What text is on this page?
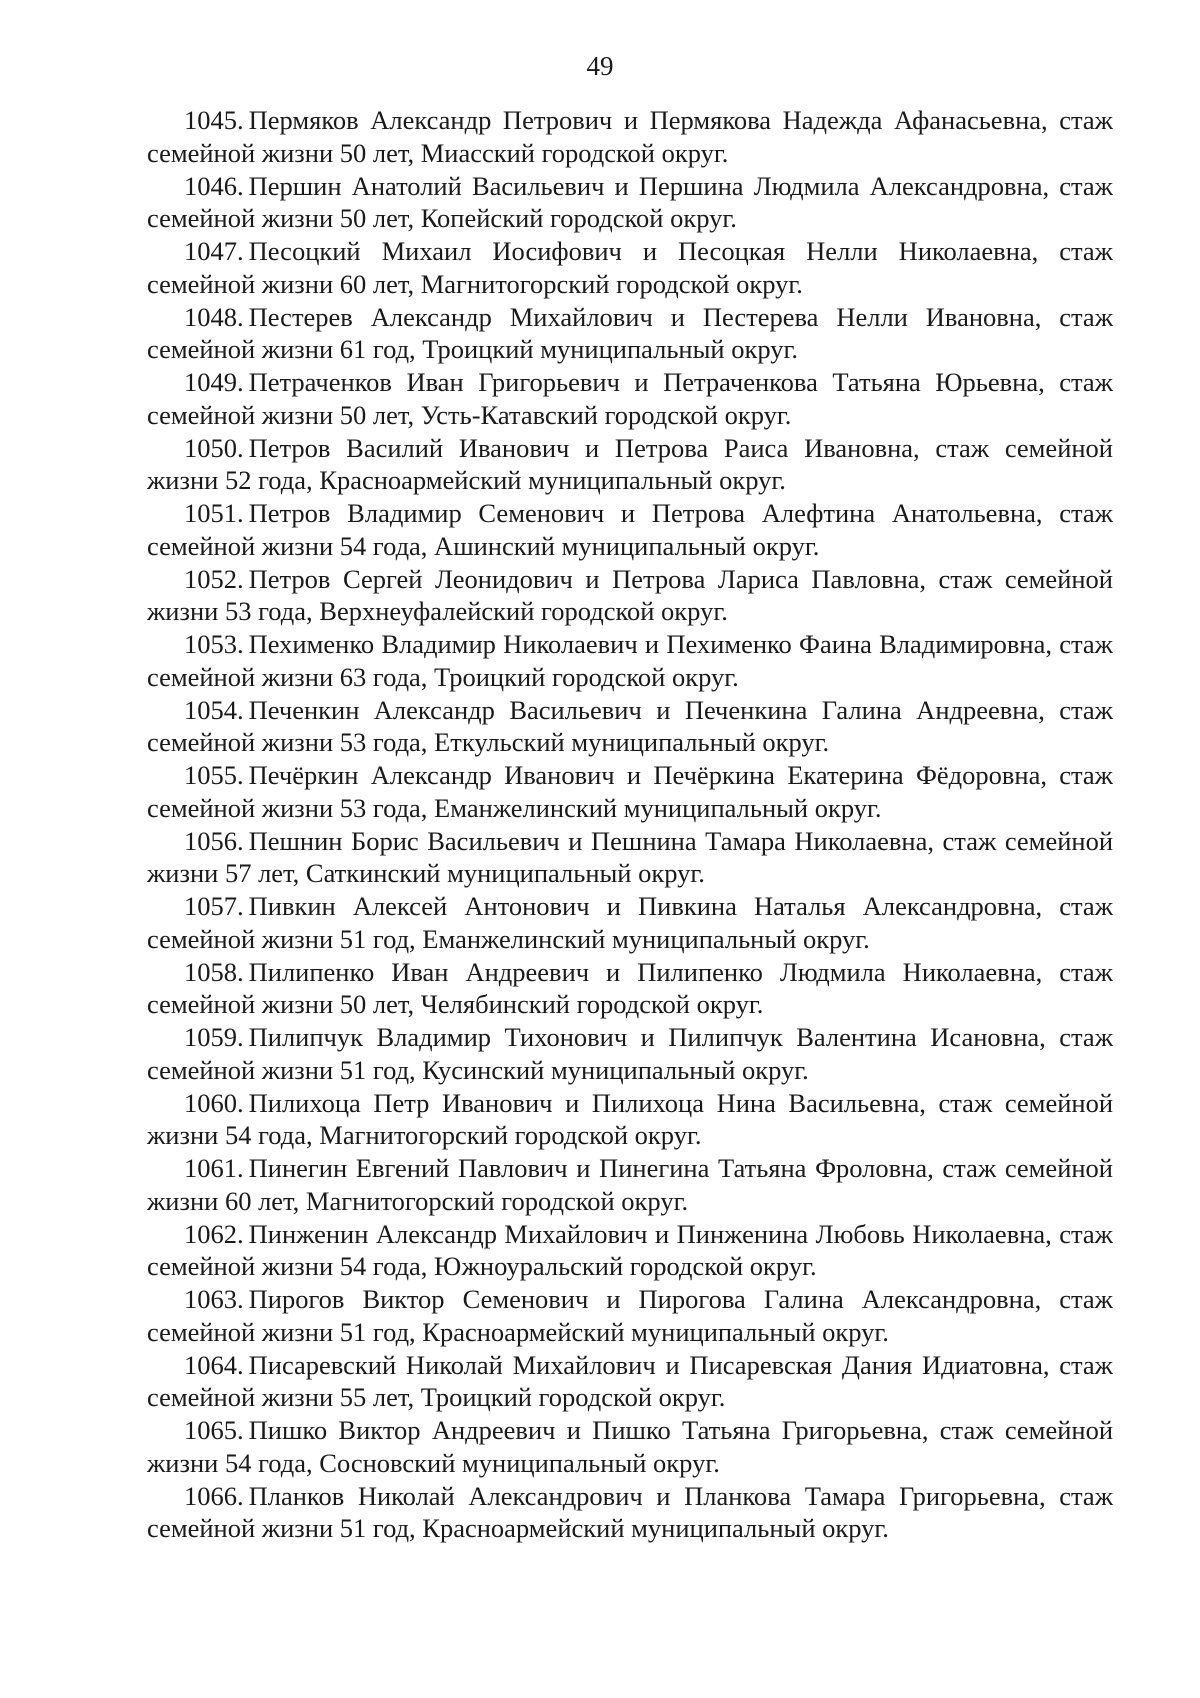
49
1045. Пермяков Александр Петрович и Пермякова Надежда Афанасьевна, стаж семейной жизни 50 лет, Миасский городской округ.
1046. Першин Анатолий Васильевич и Першина Людмила Александровна, стаж семейной жизни 50 лет, Копейский городской округ.
1047. Песоцкий Михаил Иосифович и Песоцкая Нелли Николаевна, стаж семейной жизни 60 лет, Магнитогорский городской округ.
1048. Пестерев Александр Михайлович и Пестерева Нелли Ивановна, стаж семейной жизни 61 год, Троицкий муниципальный округ.
1049. Петраченков Иван Григорьевич и Петраченкова Татьяна Юрьевна, стаж семейной жизни 50 лет, Усть-Катавский городской округ.
1050. Петров Василий Иванович и Петрова Раиса Ивановна, стаж семейной жизни 52 года, Красноармейский муниципальный округ.
1051. Петров Владимир Семенович и Петрова Алефтина Анатольевна, стаж семейной жизни 54 года, Ашинский муниципальный округ.
1052. Петров Сергей Леонидович и Петрова Лариса Павловна, стаж семейной жизни 53 года, Верхнеуфалейский городской округ.
1053. Пехименко Владимир Николаевич и Пехименко Фаина Владимировна, стаж семейной жизни 63 года, Троицкий городской округ.
1054. Печенкин Александр Васильевич и Печенкина Галина Андреевна, стаж семейной жизни 53 года, Еткульский муниципальный округ.
1055. Печёркин Александр Иванович и Печёркина Екатерина Фёдоровна, стаж семейной жизни 53 года, Еманжелинский муниципальный округ.
1056. Пешнин Борис Васильевич и Пешнина Тамара Николаевна, стаж семейной жизни 57 лет, Саткинский муниципальный округ.
1057. Пивкин Алексей Антонович и Пивкина Наталья Александровна, стаж семейной жизни 51 год, Еманжелинский муниципальный округ.
1058. Пилипенко Иван Андреевич и Пилипенко Людмила Николаевна, стаж семейной жизни 50 лет, Челябинский городской округ.
1059. Пилипчук Владимир Тихонович и Пилипчук Валентина Исановна, стаж семейной жизни 51 год, Кусинский муниципальный округ.
1060. Пилихоца Петр Иванович и Пилихоца Нина Васильевна, стаж семейной жизни 54 года, Магнитогорский городской округ.
1061. Пинегин Евгений Павлович и Пинегина Татьяна Фроловна, стаж семейной жизни 60 лет, Магнитогорский городской округ.
1062. Пинженин Александр Михайлович и Пинженина Любовь Николаевна, стаж семейной жизни 54 года, Южноуральский городской округ.
1063. Пирогов Виктор Семенович и Пирогова Галина Александровна, стаж семейной жизни 51 год, Красноармейский муниципальный округ.
1064. Писаревский Николай Михайлович и Писаревская Дания Идиатовна, стаж семейной жизни 55 лет, Троицкий городской округ.
1065. Пишко Виктор Андреевич и Пишко Татьяна Григорьевна, стаж семейной жизни 54 года, Сосновский муниципальный округ.
1066. Планков Николай Александрович и Планкова Тамара Григорьевна, стаж семейной жизни 51 год, Красноармейский муниципальный округ.
